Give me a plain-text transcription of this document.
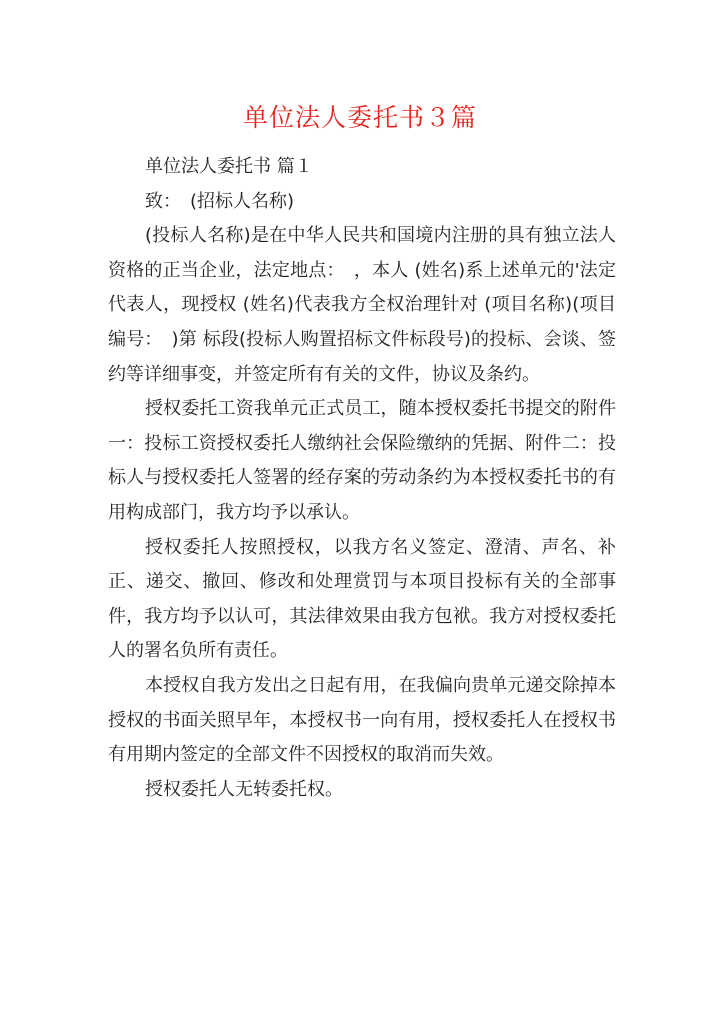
单位法人委托书３篇

单位法人委托书 篇１

致：　(招标人名称)

(投标人名称)是在中华人民共和国境内注册的具有独立法人资格的正当企业，法定地点：　，本人 (姓名)系上述单元的'法定代表人，现授权 (姓名)代表我方全权治理针对 (项目名称)(项目编号：　)第 标段(投标人购置招标文件标段号)的投标、会谈、签约等详细事变，并签定所有有关的文件，协议及条约。

授权委托工资我单元正式员工，随本授权委托书提交的附件一：投标工资授权委托人缴纳社会保险缴纳的凭据、附件二：投标人与授权委托人签署的经存案的劳动条约为本授权委托书的有用构成部门，我方均予以承认。

授权委托人按照授权，以我方名义签定、澄清、声名、补正、递交、撤回、修改和处理赏罚与本项目投标有关的全部事件，我方均予以认可，其法律效果由我方包袱。我方对授权委托人的署名负所有责任。

本授权自我方发出之日起有用，在我偏向贵单元递交除掉本授权的书面关照早年，本授权书一向有用，授权委托人在授权书有用期内签定的全部文件不因授权的取消而失效。

授权委托人无转委托权。
